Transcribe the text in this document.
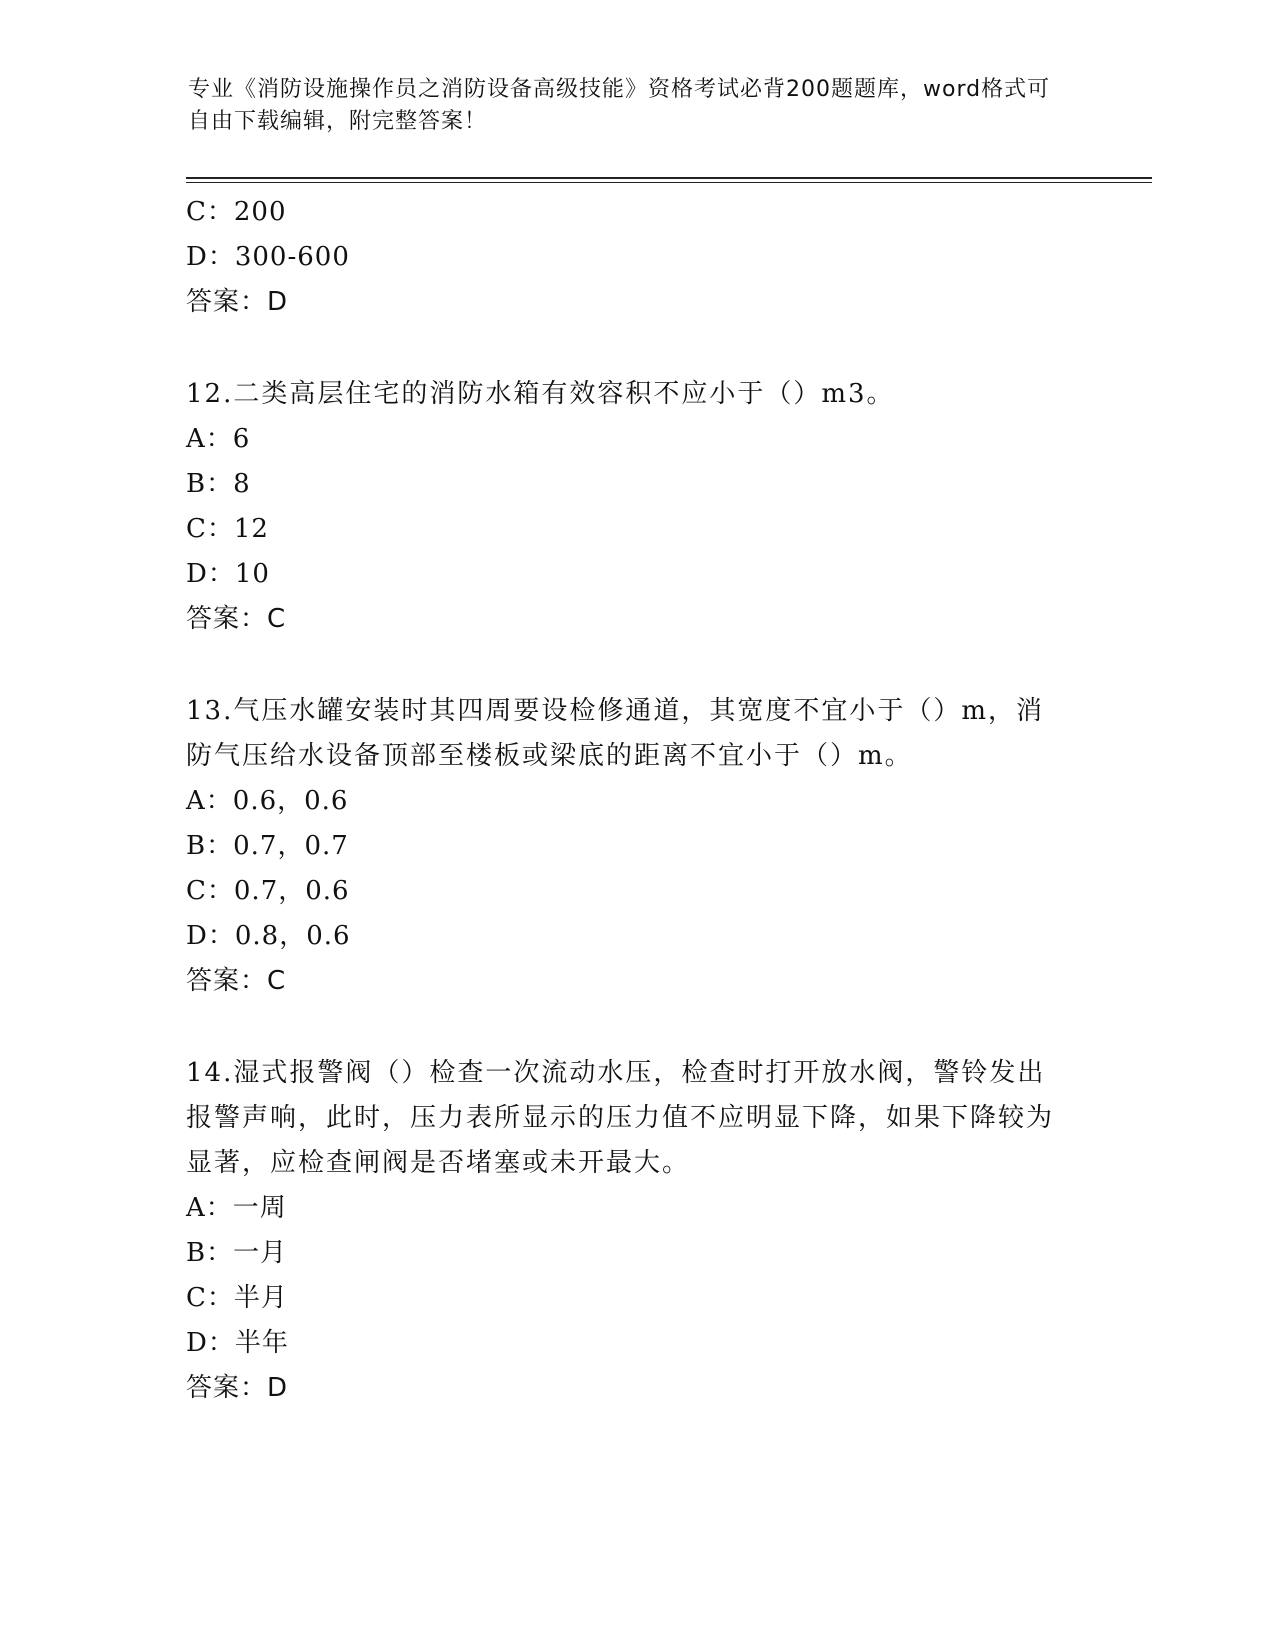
专业《消防设施操作员之消防设备高级技能》资格考试必背200题题库，word格式可自由下载编辑，附完整答案！
C：200
D：300-600
答案：D
12.二类高层住宅的消防水箱有效容积不应小于（）m3。
A：6
B：8
C：12
D：10
答案：C
13.气压水罐安装时其四周要设检修通道，其宽度不宜小于（）m，消防气压给水设备顶部至楼板或梁底的距离不宜小于（）m。
A：0.6，0.6
B：0.7，0.7
C：0.7，0.6
D：0.8，0.6
答案：C
14.湿式报警阀（）检查一次流动水压，检查时打开放水阀，警铃发出报警声响，此时，压力表所显示的压力值不应明显下降，如果下降较为显著，应检查闸阀是否堵塞或未开最大。
A：一周
B：一月
C：半月
D：半年
答案：D
